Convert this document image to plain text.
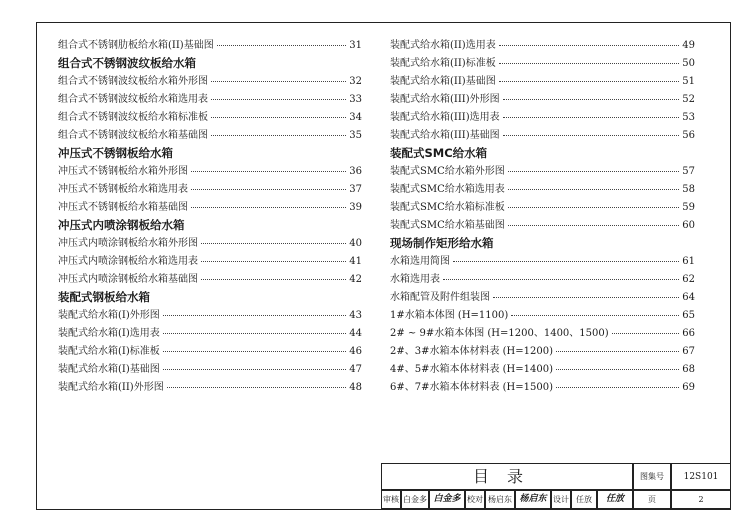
组合式不锈钢肋板给水箱(II)基础图	31
组合式不锈钢波纹板给水箱
组合式不锈钢波纹板给水箱外形图	32
组合式不锈钢波纹板给水箱选用表	33
组合式不锈钢波纹板给水箱标准板	34
组合式不锈钢波纹板给水箱基础图	35
冲压式不锈钢板给水箱
冲压式不锈钢板给水箱外形图	36
冲压式不锈钢板给水箱选用表	37
冲压式不锈钢板给水箱基础图	39
冲压式内喷涂钢板给水箱
冲压式内喷涂钢板给水箱外形图	40
冲压式内喷涂钢板给水箱选用表	41
冲压式内喷涂钢板给水箱基础图	42
装配式钢板给水箱
装配式给水箱(I)外形图	43
装配式给水箱(I)选用表	44
装配式给水箱(I)标准板	46
装配式给水箱(I)基础图	47
装配式给水箱(II)外形图	48
装配式给水箱(II)选用表	49
装配式给水箱(II)标准板	50
装配式给水箱(II)基础图	51
装配式给水箱(III)外形图	52
装配式给水箱(III)选用表	53
装配式给水箱(III)基础图	56
装配式SMC给水箱
装配式SMC给水箱外形图	57
装配式SMC给水箱选用表	58
装配式SMC给水箱标准板	59
装配式SMC给水箱基础图	60
现场制作矩形给水箱
水箱选用简图	61
水箱选用表	62
水箱配管及附件组装图	64
1#水箱本体图 (H=1100)	65
2# ~ 9#水箱本体图 (H=1200、1400、1500)	66
2#、3#水箱本体材料表 (H=1200)	67
4#、5#水箱本体材料表 (H=1400)	68
6#、7#水箱本体材料表 (H=1500)	69
目录	图集号	12S101
审核 白金多 白金多 校对 杨启东 杨启东 设计 任放	任放	页	2
